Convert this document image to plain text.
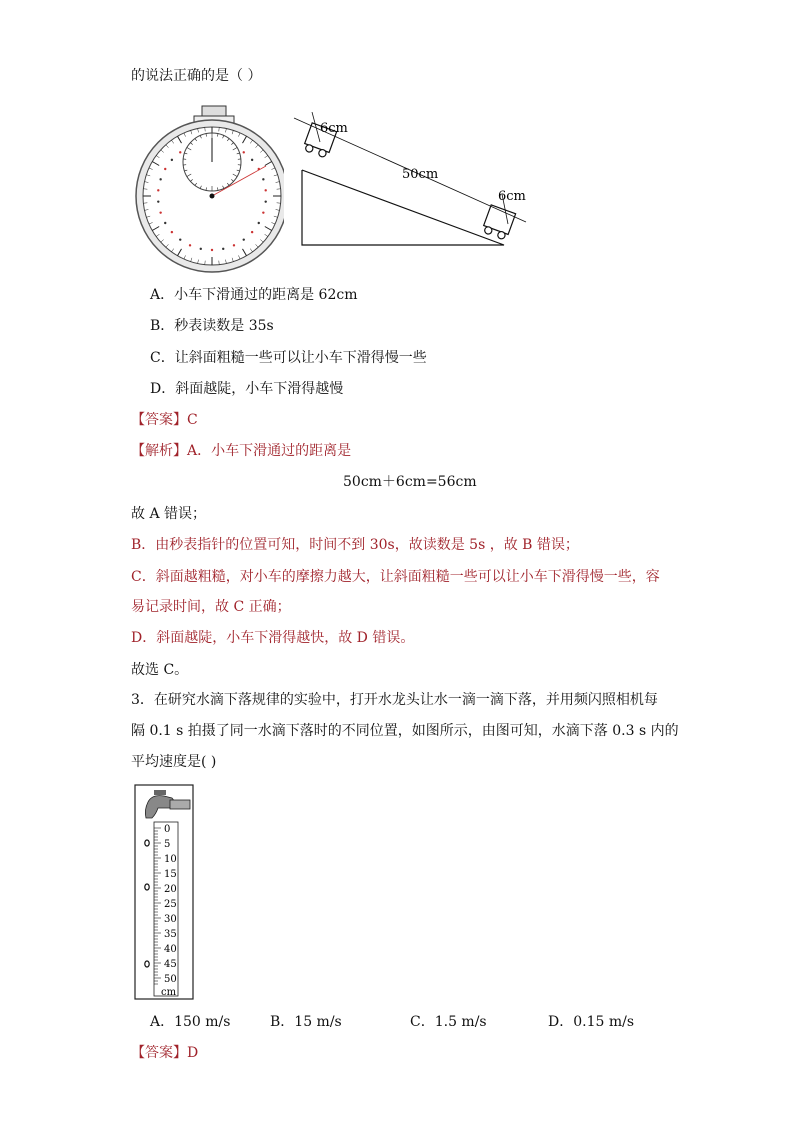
的说法正确的是（ ）
6cm
50cm
6cm
A．小车下滑通过的距离是 62cm
B．秒表读数是 35s
C．让斜面粗糙一些可以让小车下滑得慢一些
D．斜面越陡，小车下滑得越慢
【答案】C
【解析】A．小车下滑通过的距离是
50cm＋6cm=56cm
故 A 错误；
B．由秒表指针的位置可知，时间不到 30s，故读数是 5s ，故 B 错误；
C．斜面越粗糙，对小车的摩擦力越大，让斜面粗糙一些可以让小车下滑得慢一些，容
易记录时间，故 C 正确；
D．斜面越陡，小车下滑得越快，故 D 错误。
故选 C。
3．在研究水滴下落规律的实验中，打开水龙头让水一滴一滴下落，并用频闪照相机每
隔 0.1 s 拍摄了同一水滴下落时的不同位置，如图所示，由图可知，水滴下落 0.3 s 内的
平均速度是( )
0
5
10
15
20
25
30
35
40
45
50
cm
A．150 m/s	B．15 m/s	C．1.5 m/s	D．0.15 m/s
【答案】D
